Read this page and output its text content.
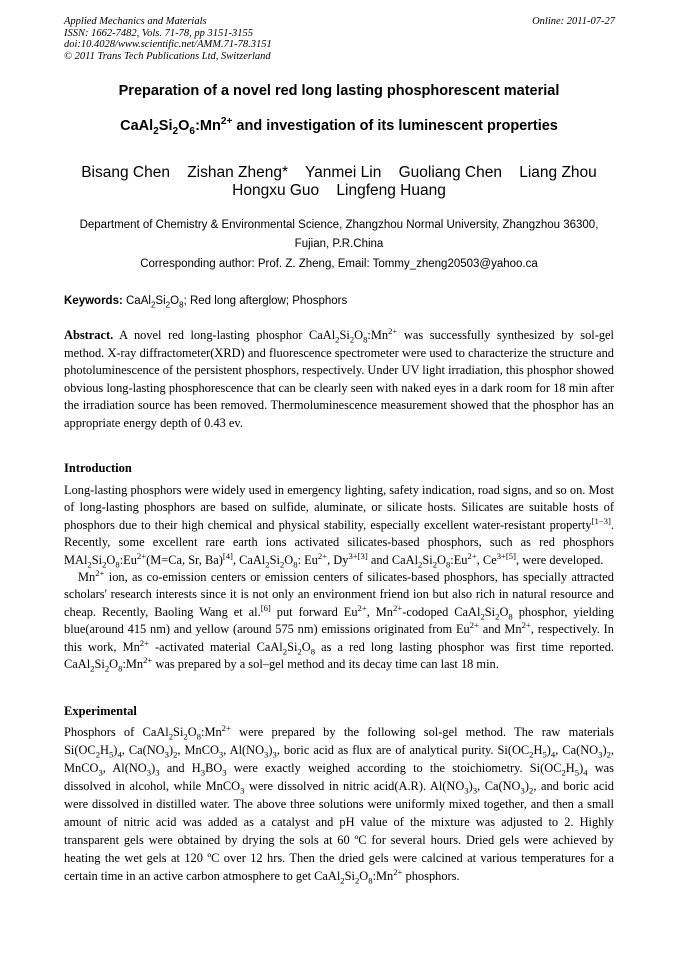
Applied Mechanics and Materials
ISSN: 1662-7482, Vols. 71-78, pp 3151-3155
doi:10.4028/www.scientific.net/AMM.71-78.3151
© 2011 Trans Tech Publications Ltd, Switzerland
Online: 2011-07-27
Preparation of a novel red long lasting phosphorescent material
$CaAl_2Si_2O_6:Mn^{2+}$ and investigation of its luminescent properties
Bisang Chen    Zishan Zheng*    Yanmei Lin    Guoliang Chen    Liang Zhou
Hongxu Guo    Lingfeng Huang
Department of Chemistry & Environmental Science, Zhangzhou Normal University, Zhangzhou 36300, Fujian, P.R.China
Corresponding author: Prof. Z. Zheng, Email: Tommy_zheng20503@yahoo.ca
Keywords: $CaAl_2Si_2O_8$; Red long afterglow; Phosphors
Abstract. A novel red long-lasting phosphor $CaAl_2Si_2O_8:Mn^{2+}$ was successfully synthesized by sol-gel method. X-ray diffractometer(XRD) and fluorescence spectrometer were used to characterize the structure and photoluminescence of the persistent phosphors, respectively. Under UV light irradiation, this phosphor showed obvious long-lasting phosphorescence that can be clearly seen with naked eyes in a dark room for 18 min after the irradiation source has been removed. Thermoluminescence measurement showed that the phosphor has an appropriate energy depth of 0.43 ev.
Introduction

Long-lasting phosphors were widely used in emergency lighting, safety indication, road signs, and so on. Most of long-lasting phosphors are based on sulfide, aluminate, or silicate hosts. Silicates are suitable hosts of phosphors due to their high chemical and physical stability, especially excellent water-resistant property[1−3]. Recently, some excellent rare earth ions activated silicates-based phosphors, such as red phosphors $MAl_2Si_2O_8:Eu^{2+}(M=Ca$, Sr, Ba)[4], $CaAl_2Si_2O_8$: $Eu^{2+}$, $Dy^{3+[3]}$ and $CaAl_2Si_2O_8:Eu^{2+}$, $Ce^{3+[5]}$, were developed.

$Mn^{2+}$ ion, as co-emission centers or emission centers of silicates-based phosphors, has specially attracted scholars' research interests since it is not only an environment friend ion but also rich in natural resource and cheap. Recently, Baoling Wang et al.[6] put forward $Eu^{2+}$, $Mn^{2+}$-codoped $CaAl_2Si_2O_8$ phosphor, yielding blue(around 415 nm) and yellow (around 575 nm) emissions originated from $Eu^{2+}$ and $Mn^{2+}$, respectively. In this work, $Mn^{2+}$ -activated material $CaAl_2Si_2O_8$ as a red long lasting phosphor was first time reported. $CaAl_2Si_2O_8:Mn^{2+}$ was prepared by a sol–gel method and its decay time can last 18 min.

Experimental
Phosphors of $CaAl_2Si_2O_8:Mn^{2+}$ were prepared by the following sol-gel method. The raw materials $Si(OC_2H_5)_4$, $Ca(NO_3)_2$, MnCO$_3$, $Al(NO_3)_3$, boric acid as flux are of analytical purity. $Si(OC_2H_5)_4$, $Ca(NO_3)_2$, MnCO$_3$, $Al(NO_3)_3$ and $H_3BO_3$ were exactly weighed according to the stoichiometry. $Si(OC_2H_5)_4$ was dissolved in alcohol, while MnCO$_3$ were dissolved in nitric acid(A.R). $Al(NO_3)_3$, $Ca(NO_3)_2$, and boric acid were dissolved in distilled water. The above three solutions were uniformly mixed together, and then a small amount of nitric acid was added as a catalyst and pH value of the mixture was adjusted to 2. Highly transparent gels were obtained by drying the sols at 60 ºC for several hours. Dried gels were achieved by heating the wet gels at 120 ºC over 12 hrs. Then the dried gels were calcined at various temperatures for a certain time in an active carbon atmosphere to get $CaAl_2Si_2O_8:Mn^{2+}$ phosphors.
